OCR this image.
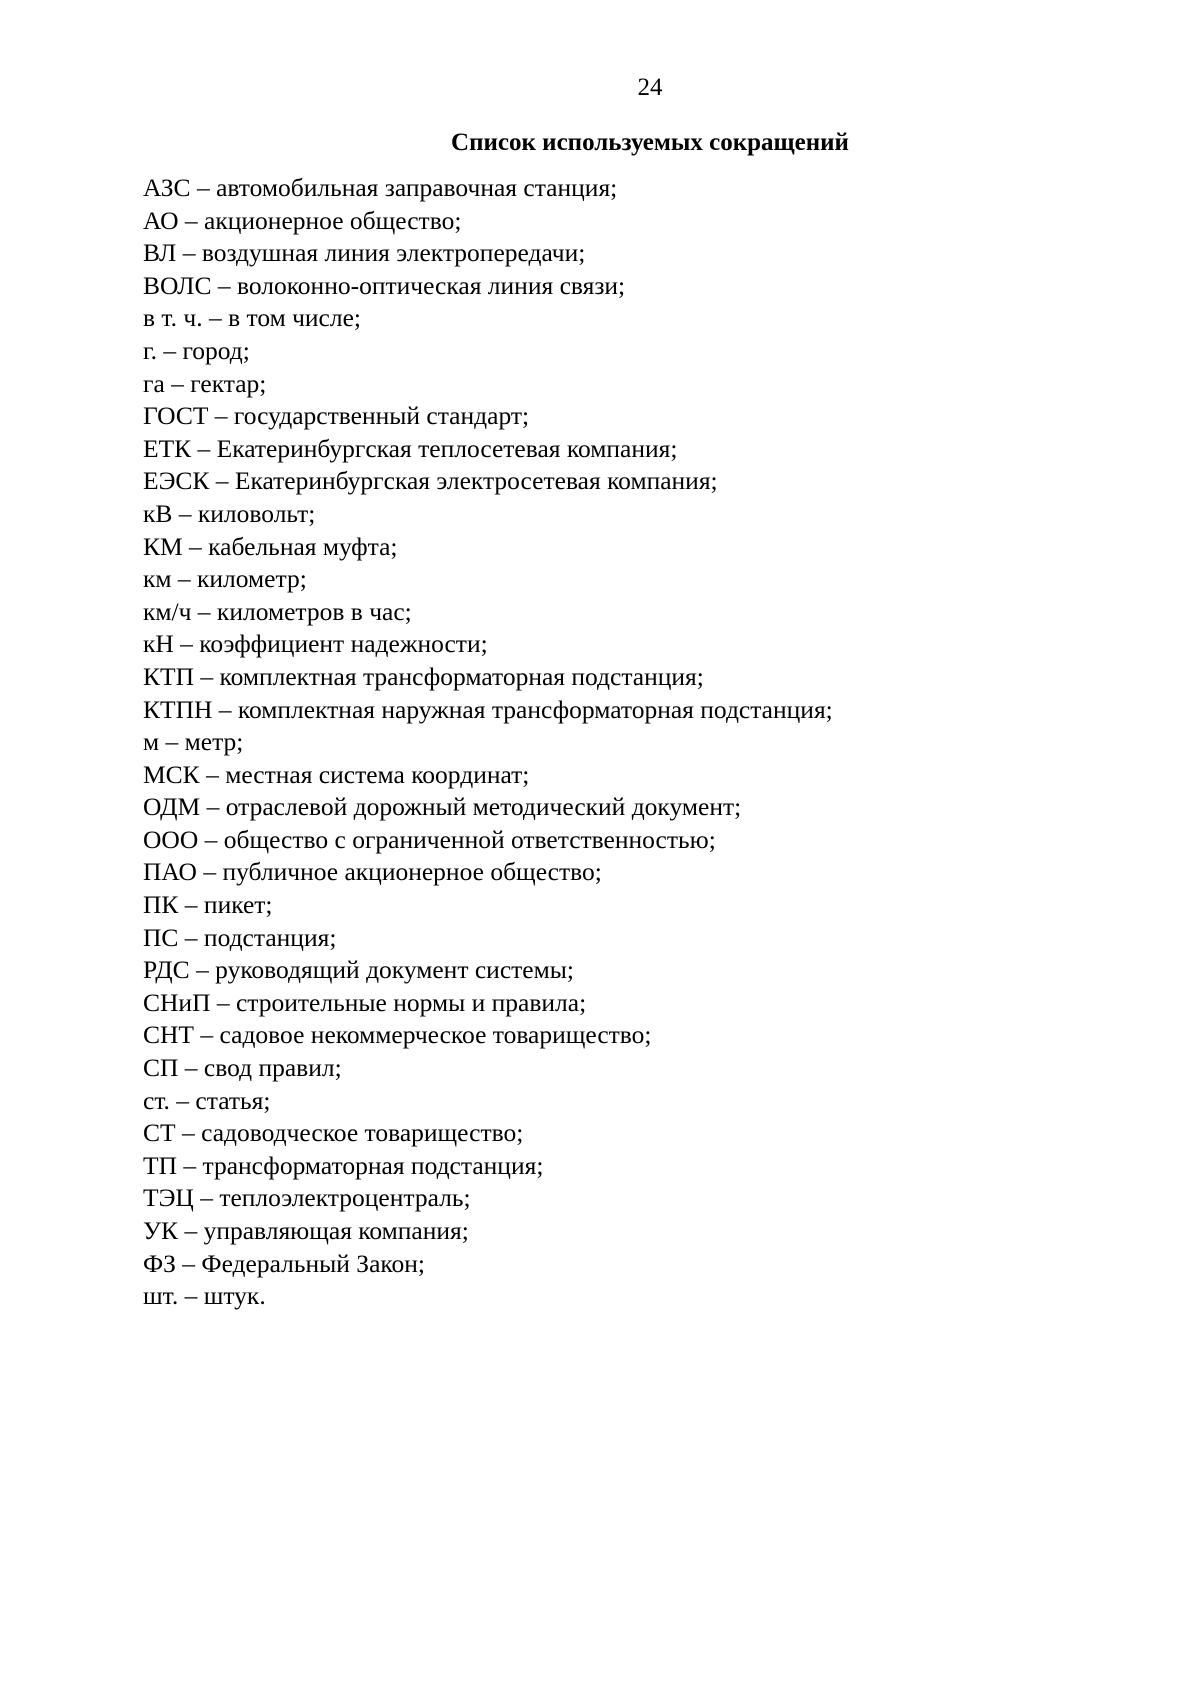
24
Список используемых сокращений
АЗС – автомобильная заправочная станция;
АО – акционерное общество;
ВЛ – воздушная линия электропередачи;
ВОЛС – волоконно-оптическая линия связи;
в т. ч. – в том числе;
г. – город;
га – гектар;
ГОСТ – государственный стандарт;
ЕТК – Екатеринбургская теплосетевая компания;
ЕЭСК – Екатеринбургская электросетевая компания;
кВ – киловольт;
КМ – кабельная муфта;
км – километр;
км/ч – километров в час;
кН – коэффициент надежности;
КТП – комплектная трансформаторная подстанция;
КТПН – комплектная наружная трансформаторная подстанция;
м – метр;
МСК – местная система координат;
ОДМ – отраслевой дорожный методический документ;
ООО – общество с ограниченной ответственностью;
ПАО – публичное акционерное общество;
ПК – пикет;
ПС – подстанция;
РДС – руководящий документ системы;
СНиП – строительные нормы и правила;
СНТ – садовое некоммерческое товарищество;
СП – свод правил;
ст. – статья;
СТ – садоводческое товарищество;
ТП – трансформаторная подстанция;
ТЭЦ – теплоэлектроцентраль;
УК – управляющая компания;
ФЗ – Федеральный Закон;
шт. – штук.
